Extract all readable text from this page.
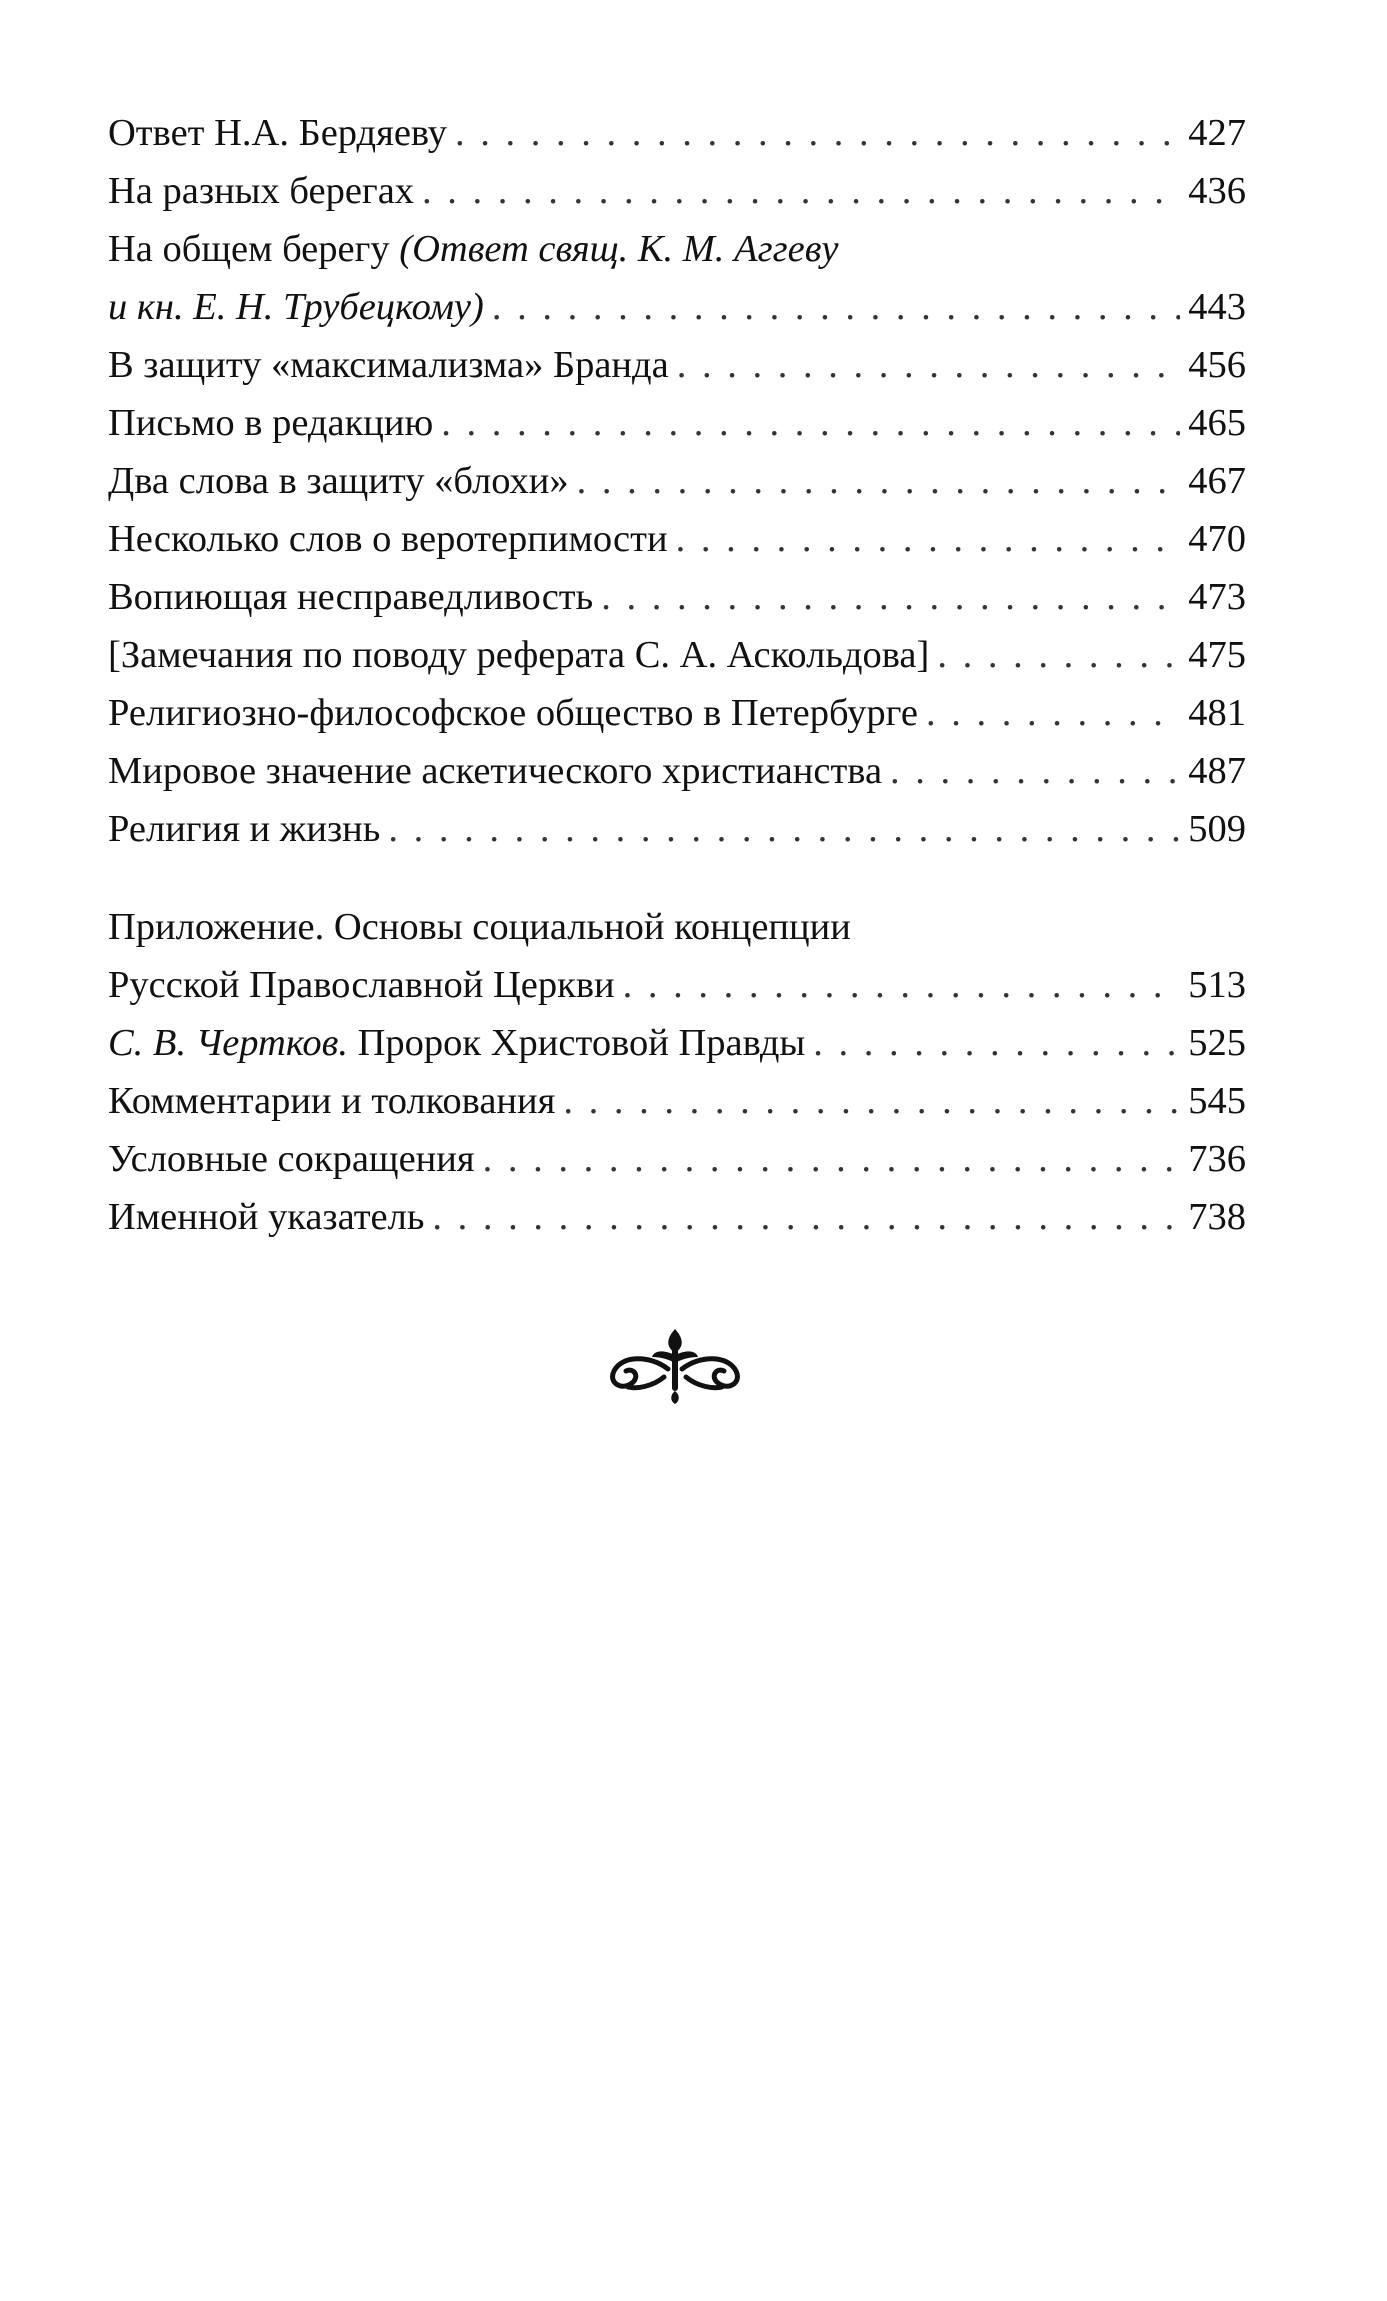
Ответ Н.А. Бердяеву . . .	427
На разных берегах . . .	436
На общем берегу (Ответ свящ. К. М. Аггеву
и кн. Е. Н. Трубецкому) . . .	443
В защиту «максимализма» Бранда . . .	456
Письмо в редакцию . . .	465
Два слова в защиту «блохи» . . .	467
Несколько слов о веротерпимости . . .	470
Вопиющая несправедливость . . .	473
[Замечания по поводу реферата С. А. Аскольдова] . . .	475
Религиозно-философское общество в Петербурге . . .	481
Мировое значение аскетического христианства . . .	487
Религия и жизнь . . .	509
Приложение. Основы социальной концепции
Русской Православной Церкви . . .	513
С. В. Чертков. Пророк Христовой Правды . . .	525
Комментарии и толкования . . .	545
Условные сокращения . . .	736
Именной указатель . . .	738
